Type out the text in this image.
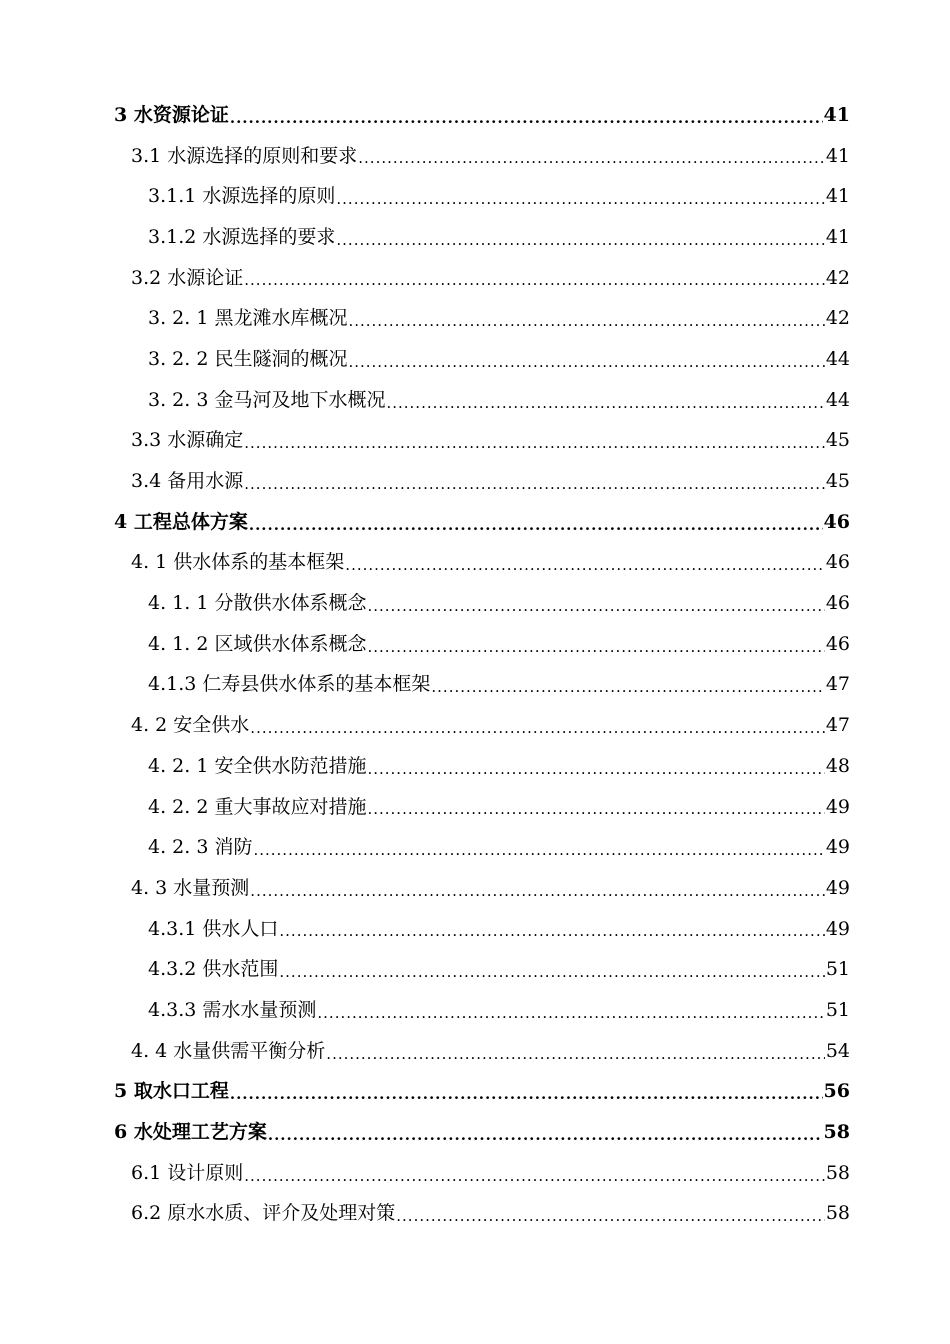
3 水资源论证 .....	41
3.1 水源选择的原则和要求 .....	41
3.1.1 水源选择的原则 .....	41
3.1.2 水源选择的要求 .....	41
3.2 水源论证 .....	42
3. 2. 1 黑龙滩水库概况 .....	42
3. 2. 2 民生隧洞的概况 .....	44
3. 2. 3 金马河及地下水概况 .....	44
3.3 水源确定 .....	45
3.4 备用水源 .....	45
4 工程总体方案 .....	46
4. 1 供水体系的基本框架 .....	46
4. 1. 1 分散供水体系概念 .....	46
4. 1. 2 区域供水体系概念 .....	46
4.1.3 仁寿县供水体系的基本框架 .....	47
4. 2 安全供水 .....	47
4. 2. 1 安全供水防范措施 .....	48
4. 2. 2 重大事故应对措施 .....	49
4. 2. 3 消防 .....	49
4. 3 水量预测 .....	49
4.3.1 供水人口 .....	49
4.3.2 供水范围 .....	51
4.3.3 需水水量预测 .....	51
4. 4 水量供需平衡分析 .....	54
5 取水口工程 .....	56
6 水处理工艺方案 .....	58
6.1 设计原则 .....	58
6.2 原水水质、评介及处理对策 .....	58
